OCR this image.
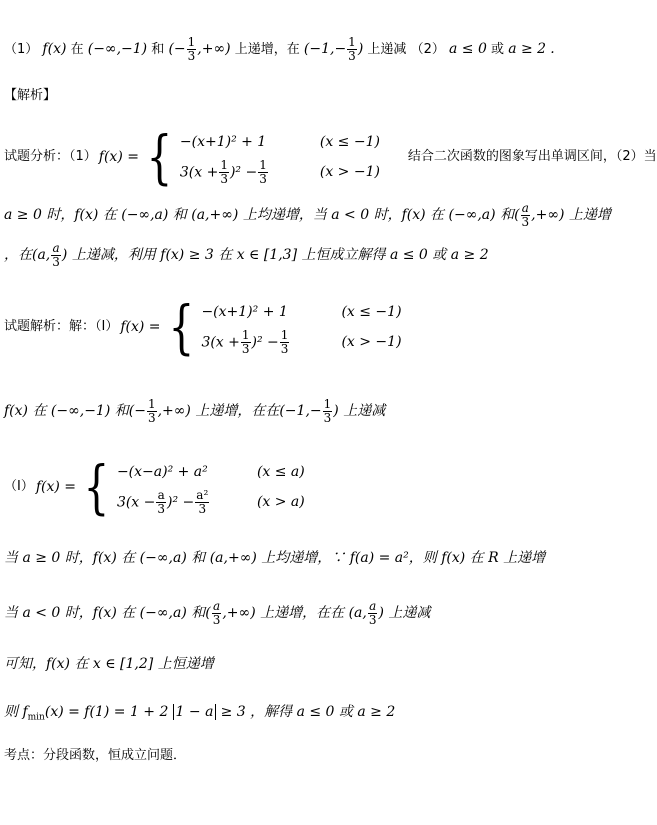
（1） f(x) 在 (−∞,−1) 和 (− $\frac{1}{3}$ ,+∞) 上递增，在 ($-1,- \frac{1}{3}$ ) 上递减 （2） a ≤ 0 或 a ≥ 2 .
【解析】
试题分析：（1） f(x) = { −(x+1)² + 1	(x ≤ −1)
$3(x + \frac{1}{3} )^2 - \frac{1}{3}$	(x > −1)
结合二次函数的图象写出单调区间，（2）当
a ≥ 0 时，f(x) 在 (−∞,a) 和 (a,+∞) 上均递增，当 a < 0 时，f(x) 在 (−∞,a) 和( $\frac{a}{3}$ ,+∞) 上递增
，在(a, $\frac{a}{3}$ ) 上递减，利用 f(x) ≥ 3 在 x ∈ [1,3] 上恒成立解得 a ≤ 0 或 a ≥ 2
试题解析：解：（Ⅰ） f(x) = { −(x+1)² + 1	(x ≤ −1)
$3(x + \frac{1}{3} )^2 - \frac{1}{3}$	(x > −1)
f(x) 在 (−∞,−1) 和(− $\frac{1}{3}$ ,+∞) 上递增，在在($-1,- \frac{1}{3}$ ) 上递减
（Ⅰ） f(x) = { −(x−a)² + a²	(x ≤ a)
$3(x - \frac{a}{3} )^2 - \frac{\text{a²}}{3}$	(x > a)
当 a ≥ 0 时，f(x) 在 (−∞,a) 和 (a,+∞) 上均递增，∵ f(a) = a²，则 f(x) 在 R 上递增
当 a < 0 时，f(x) 在 (−∞,a) 和( $\frac{a}{3}$ ,+∞) 上递增，在在 (a, $\frac{a}{3}$ ) 上递减
可知，f(x) 在 x ∈ [1,2] 上恒递增
则 $f_{min}(x) = f(1) = 1 + 2$ 1 − a ≥ 3 ，解得 a ≤ 0 或 a ≥ 2
考点：分段函数，恒成立问题．
